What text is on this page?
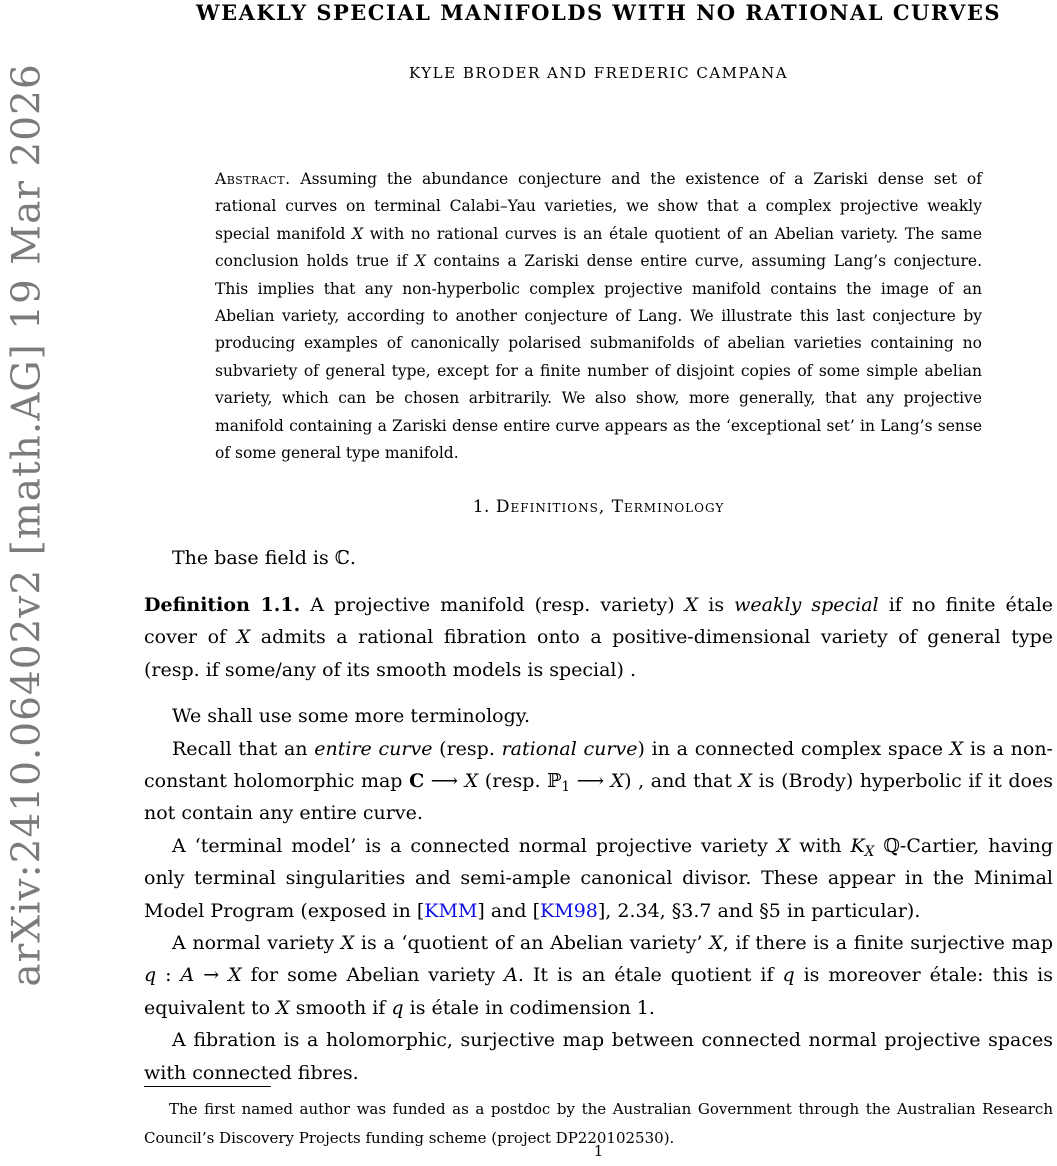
arXiv:2410.06402v2 [math.AG] 19 Mar 2026
WEAKLY SPECIAL MANIFOLDS WITH NO RATIONAL CURVES
KYLE BRODER AND FREDERIC CAMPANA

Abstract. Assuming the abundance conjecture and the existence of a Zariski dense set of rational curves on terminal Calabi–Yau varieties, we show that a complex projective weakly special manifold X with no rational curves is an étale quotient of an Abelian variety. The same conclusion holds true if X contains a Zariski dense entire curve, assuming Lang’s conjecture. This implies that any non-hyperbolic complex projective manifold contains the image of an Abelian variety, according to another conjecture of Lang. We illustrate this last conjecture by producing examples of canonically polarised submanifolds of abelian varieties containing no subvariety of general type, except for a finite number of disjoint copies of some simple abelian variety, which can be chosen arbitrarily. We also show, more generally, that any projective manifold containing a Zariski dense entire curve appears as the ‘exceptional set’ in Lang’s sense of some general type manifold.

1. Definitions, Terminology

The base field is ℂ.

Definition 1.1. A projective manifold (resp. variety) X is weakly special if no finite étale cover of X admits a rational fibration onto a positive-dimensional variety of general type (resp. if some/any of its smooth models is special) .

We shall use some more terminology.

Recall that an entire curve (resp. rational curve) in a connected complex space X is a non-constant holomorphic map C ⟶ X (resp. ℙ$_1$ ⟶ X) , and that X is (Brody) hyperbolic if it does not contain any entire curve.

A ‘terminal model’ is a connected normal projective variety X with $K_X$ ℚ-Cartier, having only terminal singularities and semi-ample canonical divisor. These appear in the Minimal Model Program (exposed in [KMM] and [KM98], 2.34, §3.7 and §5 in particular).

A normal variety X is a ‘quotient of an Abelian variety’ X, if there is a finite surjective map q : A → X for some Abelian variety A. It is an étale quotient if q is moreover étale: this is equivalent to X smooth if q is étale in codimension 1.

A fibration is a holomorphic, surjective map between connected normal projective spaces with connected fibres.

The first named author was funded as a postdoc by the Australian Government through the Australian Research Council’s Discovery Projects funding scheme (project DP220102530).

1
